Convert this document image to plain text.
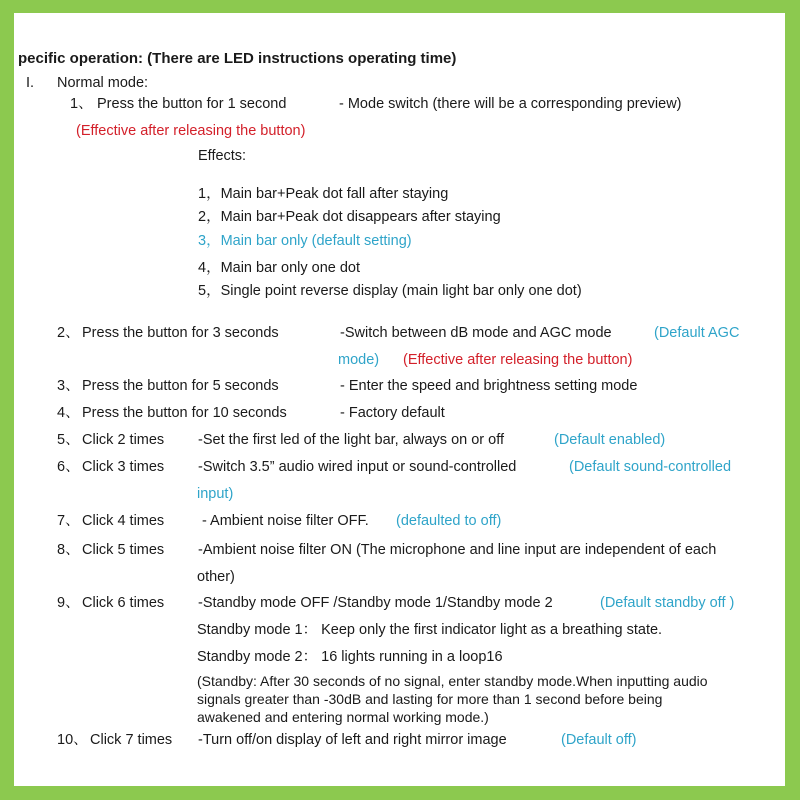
pecific operation: (There are LED instructions operating time)
I. Normal mode:
1、 Press the button for 1 second	- Mode switch (there will be a corresponding preview)
(Effective after releasing the button)
Effects:
1，Main bar+Peak dot fall after staying
2，Main bar+Peak dot disappears after staying
3，Main bar only (default setting)
4，Main bar only one dot
5，Single point reverse display (main light bar only one dot)
2、 Press the button for 3 seconds	-Switch between dB mode and AGC mode	(Default AGC
mode) (Effective after releasing the button)
3、 Press the button for 5 seconds	- Enter the speed and brightness setting mode
4、 Press the button for 10 seconds	- Factory default
5、 Click 2 times -Set the first led of the light bar, always on or off	(Default enabled)
6、 Click 3 times -Switch 3.5” audio wired input or sound-controlled	(Default sound-controlled
input)
7、 Click 4 times	- Ambient noise filter OFF. (defaulted to off)
8、 Click 5 times -Ambient noise filter ON (The microphone and line input are independent of each
other)
9、 Click 6 times -Standby mode OFF /Standby mode 1/Standby mode 2	(Default standby off )
Standby mode 1： Keep only the first indicator light as a breathing state.
Standby mode 2： 16 lights running in a loop16
(Standby: After 30 seconds of no signal, enter standby mode.When inputting audio
signals greater than -30dB and lasting for more than 1 second before being
awakened and entering normal working mode.)
10、 Click 7 times -Turn off/on display of left and right mirror image	(Default off)
